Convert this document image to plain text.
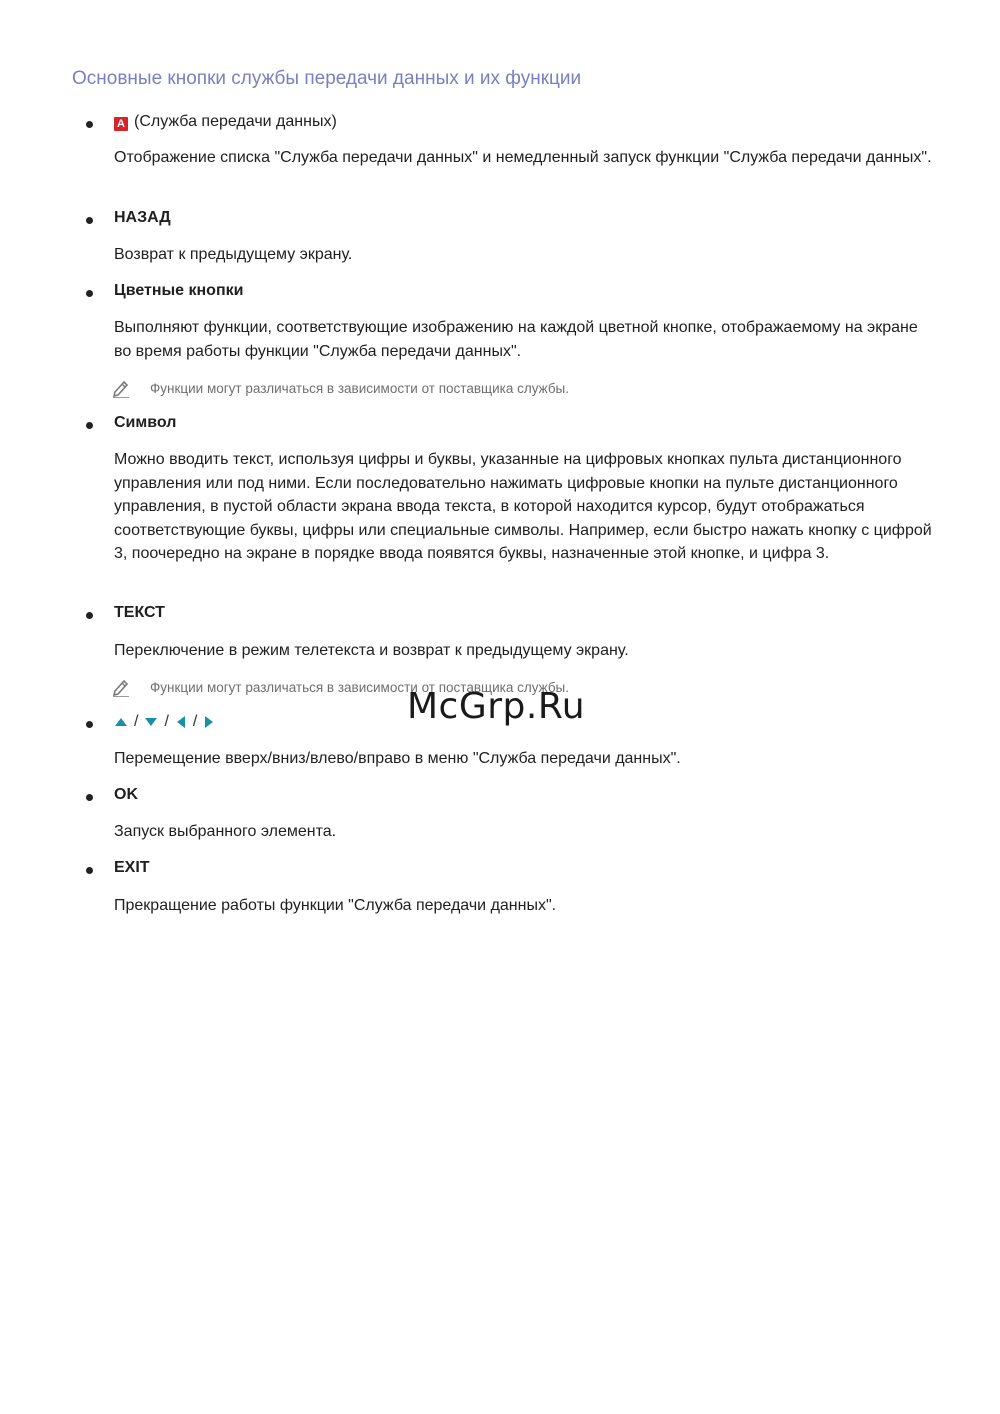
Основные кнопки службы передачи данных и их функции
A (Служба передачи данных)
Отображение списка "Служба передачи данных" и немедленный запуск функции "Служба передачи данных".
НАЗАД
Возврат к предыдущему экрану.
Цветные кнопки
Выполняют функции, соответствующие изображению на каждой цветной кнопке, отображаемому на экране во время работы функции "Служба передачи данных".
Функции могут различаться в зависимости от поставщика службы.
Символ
Можно вводить текст, используя цифры и буквы, указанные на цифровых кнопках пульта дистанционного управления или под ними. Если последовательно нажимать цифровые кнопки на пульте дистанционного управления, в пустой области экрана ввода текста, в которой находится курсор, будут отображаться соответствующие буквы, цифры или специальные символы. Например, если быстро нажать кнопку с цифрой 3, поочередно на экране в порядке ввода появятся буквы, назначенные этой кнопке, и цифра 3.
ТЕКСТ
Переключение в режим телетекста и возврат к предыдущему экрану.
Функции могут различаться в зависимости от поставщика службы.
/ / /
Перемещение вверх/вниз/влево/вправо в меню "Служба передачи данных".
OK
Запуск выбранного элемента.
EXIT
Прекращение работы функции "Служба передачи данных".
McGrp.Ru
